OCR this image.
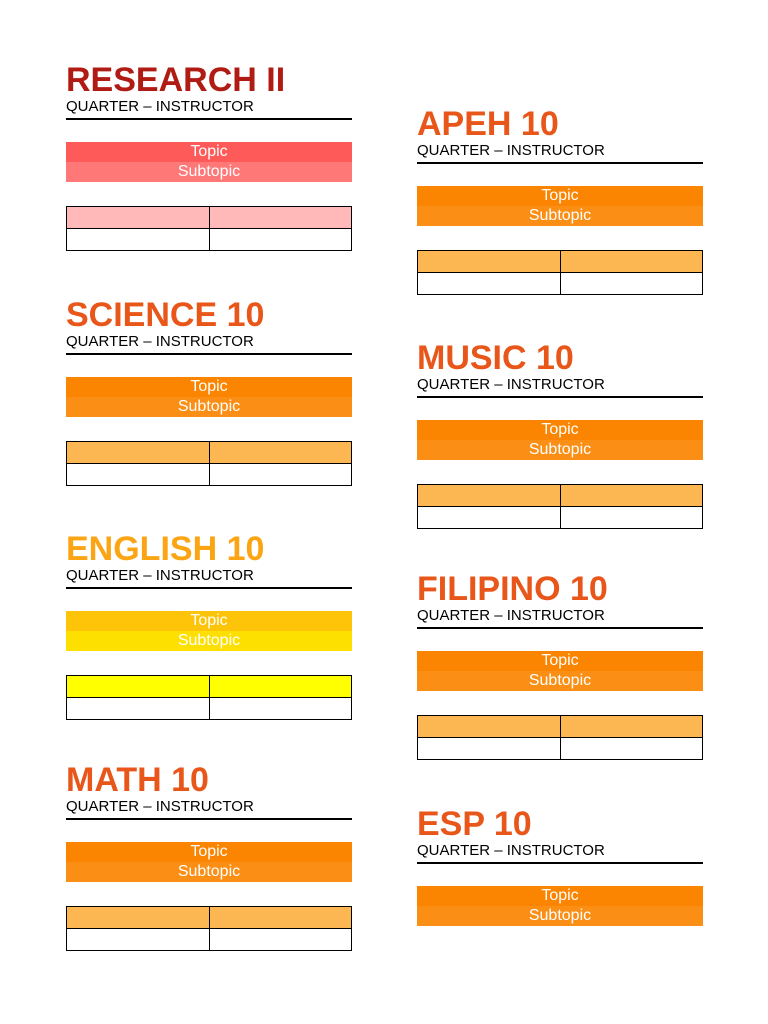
RESEARCH II
QUARTER – INSTRUCTOR
Topic
Subtopic

APEH 10
QUARTER – INSTRUCTOR
Topic
Subtopic

SCIENCE 10
QUARTER – INSTRUCTOR
Topic
Subtopic

MUSIC 10
QUARTER – INSTRUCTOR
Topic
Subtopic

ENGLISH 10
QUARTER – INSTRUCTOR
Topic
Subtopic

FILIPINO 10
QUARTER – INSTRUCTOR
Topic
Subtopic

MATH 10
QUARTER – INSTRUCTOR
Topic
Subtopic

ESP 10
QUARTER – INSTRUCTOR
Topic
Subtopic
